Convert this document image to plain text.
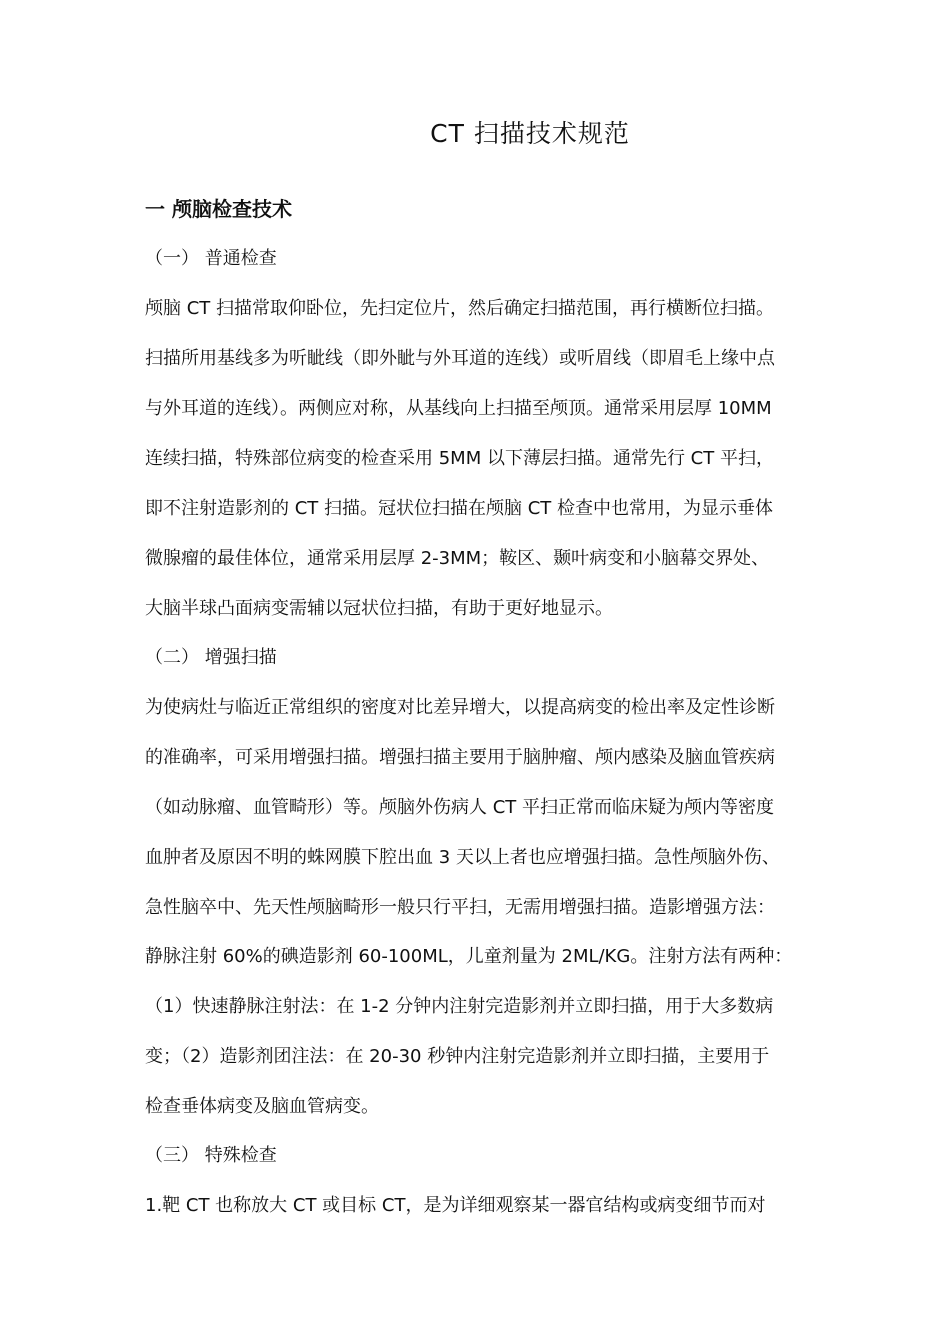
CT 扫描技术规范
一 颅脑检查技术

（一） 普通检查

颅脑 CT 扫描常取仰卧位，先扫定位片，然后确定扫描范围，再行横断位扫描。

扫描所用基线多为听眦线（即外眦与外耳道的连线）或听眉线（即眉毛上缘中点

与外耳道的连线）。两侧应对称，从基线向上扫描至颅顶。通常采用层厚 10MM

连续扫描，特殊部位病变的检查采用 5MM 以下薄层扫描。通常先行 CT 平扫，

即不注射造影剂的 CT 扫描。冠状位扫描在颅脑 CT 检查中也常用，为显示垂体

微腺瘤的最佳体位，通常采用层厚 2-3MM；鞍区、颞叶病变和小脑幕交界处、

大脑半球凸面病变需辅以冠状位扫描，有助于更好地显示。

（二） 增强扫描

为使病灶与临近正常组织的密度对比差异增大，以提高病变的检出率及定性诊断

的准确率，可采用增强扫描。增强扫描主要用于脑肿瘤、颅内感染及脑血管疾病

（如动脉瘤、血管畸形）等。颅脑外伤病人 CT 平扫正常而临床疑为颅内等密度

血肿者及原因不明的蛛网膜下腔出血 3 天以上者也应增强扫描。急性颅脑外伤、

急性脑卒中、先天性颅脑畸形一般只行平扫，无需用增强扫描。造影增强方法：

静脉注射 60%的碘造影剂 60-100ML，儿童剂量为 2ML/KG。注射方法有两种：

（1）快速静脉注射法：在 1-2 分钟内注射完造影剂并立即扫描，用于大多数病

变；（2）造影剂团注法：在 20-30 秒钟内注射完造影剂并立即扫描，主要用于

检查垂体病变及脑血管病变。

（三） 特殊检查

1.靶 CT 也称放大 CT 或目标 CT，是为详细观察某一器官结构或病变细节而对
